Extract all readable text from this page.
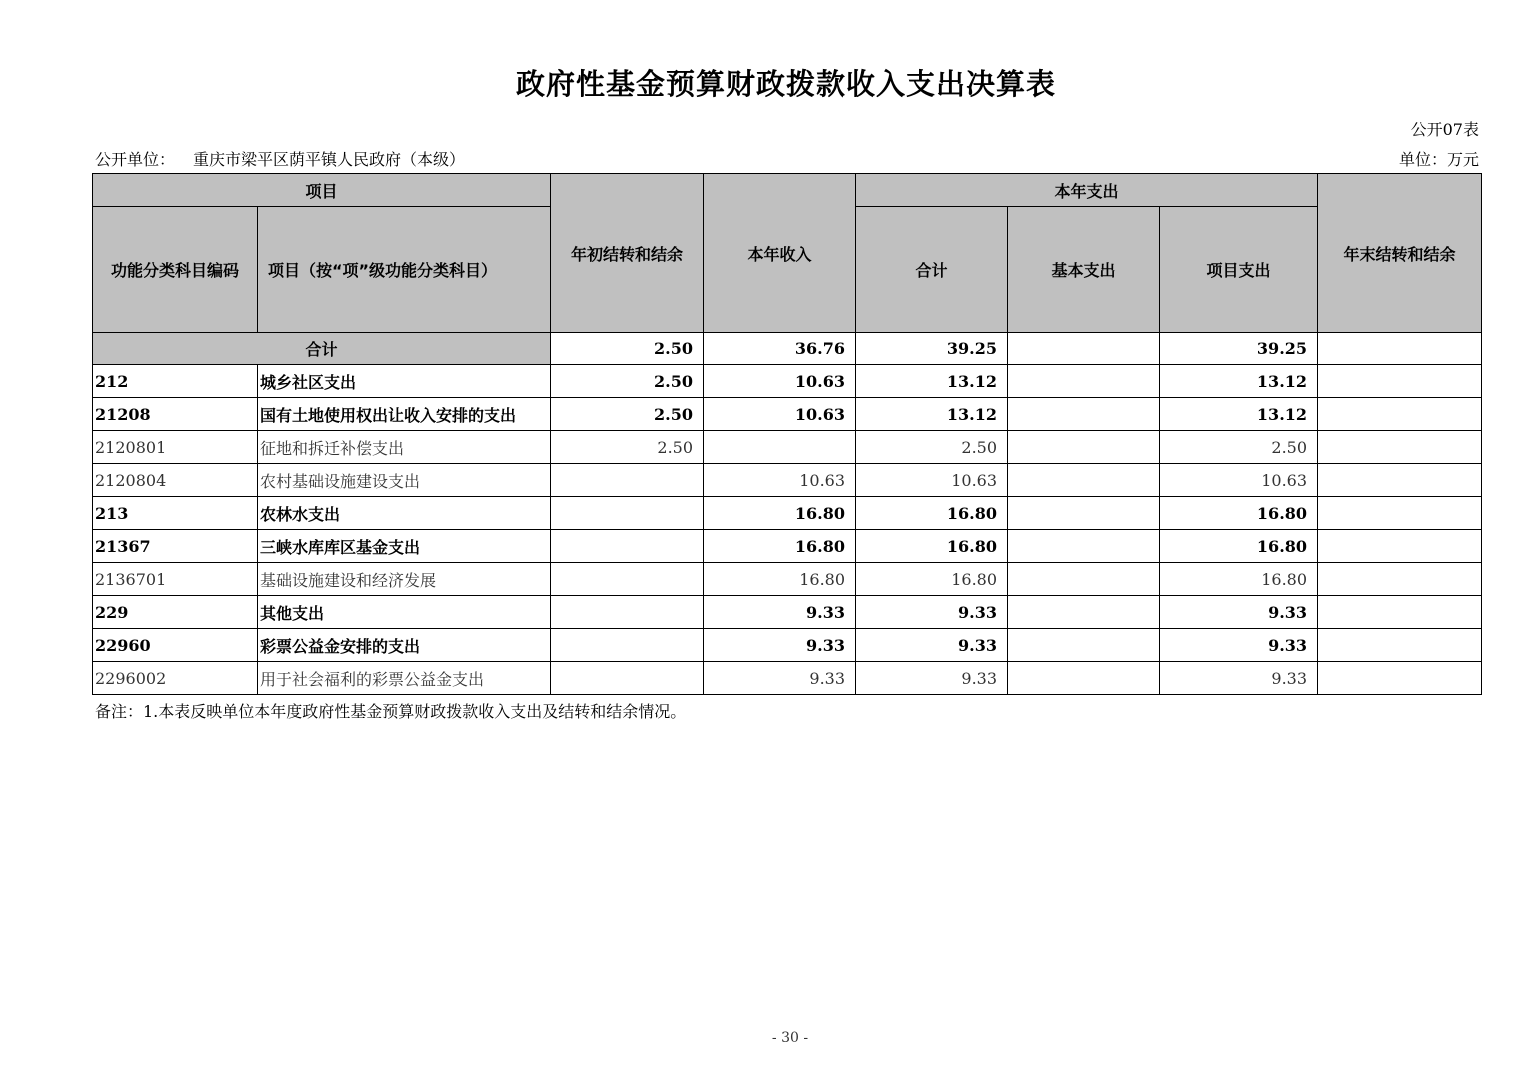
政府性基金预算财政拨款收入支出决算表
公开07表
公开单位： 重庆市梁平区荫平镇人民政府（本级）	单位：万元
项目		年初结转和结余	本年收入	本年支出			年末结转和结余
功能分类科目编码	项目（按“项”级功能分类科目）			合计	基本支出	项目支出	
合计		2.50	36.76	39.25		39.25	
212	城乡社区支出	2.50	10.63	13.12		13.12	
21208	国有土地使用权出让收入安排的支出	2.50	10.63	13.12		13.12	
2120801	征地和拆迁补偿支出	2.50		2.50		2.50	
2120804	农村基础设施建设支出		10.63	10.63		10.63	
213	农林水支出		16.80	16.80		16.80	
21367	三峡水库库区基金支出		16.80	16.80		16.80	
2136701	基础设施建设和经济发展		16.80	16.80		16.80	
229	其他支出		9.33	9.33		9.33	
22960	彩票公益金安排的支出		9.33	9.33		9.33	
2296002	用于社会福利的彩票公益金支出		9.33	9.33		9.33	
备注：1.本表反映单位本年度政府性基金预算财政拨款收入支出及结转和结余情况。
- 30 -
